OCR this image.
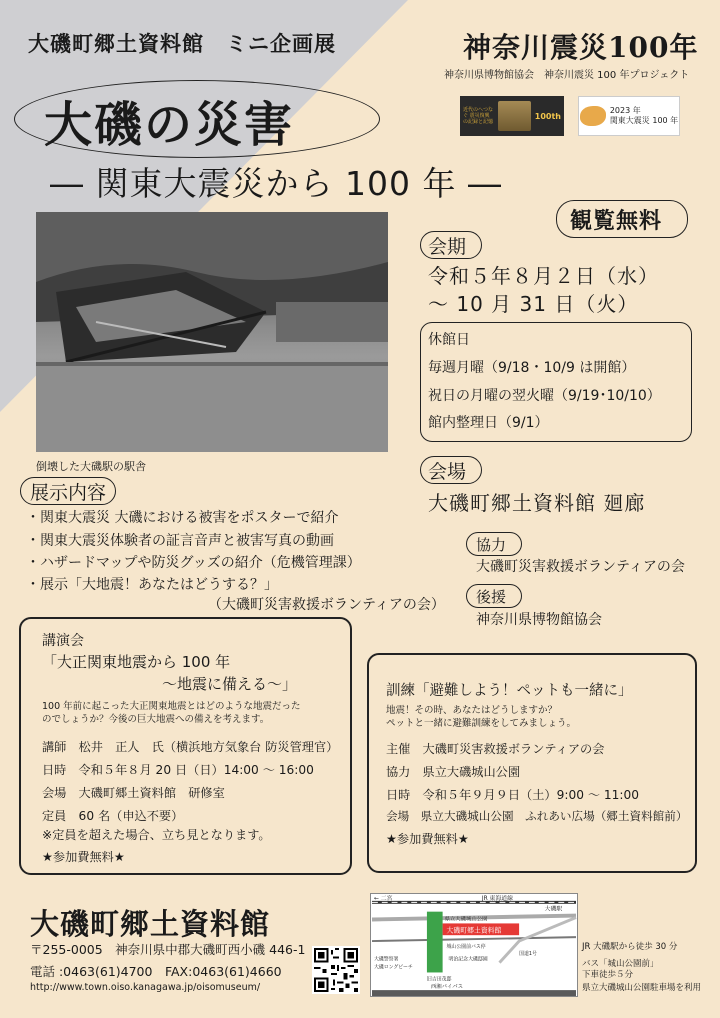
大磯町郷土資料館　ミニ企画展
大磯の災害
― 関東大震災から 100 年 ―
神奈川震災100年
神奈川県博物館協会　神奈川震災 100 年プロジェクト
近代のへつなぐ 震災復興の記録と記憶
100th
2023 年
関東大震災 100 年
倒壊した大磯駅の駅舎
観覧無料
会期
令和５年８月２日（水）
～ 10 月 31 日（火）
休館日
毎週月曜（9/18・10/9 は開館）
祝日の月曜の翌火曜（9/19･10/10）
館内整理日（9/1）
会場
大磯町郷土資料館 廻廊
展示内容
・関東大震災 大磯における被害をポスターで紹介
・関東大震災体験者の証言音声と被害写真の動画
・ハザードマップや防災グッズの紹介（危機管理課）
・展示「大地震！あなたはどうする？」
（大磯町災害救援ボランティアの会）
協力
大磯町災害救援ボランティアの会
後援
神奈川県博物館協会
講演会
「大正関東地震から 100 年
～地震に備える～」
100 年前に起こった大正関東地震とはどのような地震だった
のでしょうか？今後の巨大地震への備えを考えます。
講師　松井　正人　氏（横浜地方気象台 防災管理官）
日時　令和５年８月 20 日（日）14:00 ～ 16:00
会場　大磯町郷土資料館　研修室
定員　60 名（申込不要）
※定員を超えた場合、立ち見となります。
★参加費無料★
訓練「避難しよう！ペットも一緒に」
地震！その時、あなたはどうしますか？
ペットと一緒に避難訓練をしてみましょう。
主催　大磯町災害救援ボランティアの会
協力　県立大磯城山公園
日時　令和５年９月９日（土）9:00 ～ 11:00
会場　県立大磯城山公園　ふれあい広場（郷土資料館前）
★参加費無料★
大磯町郷土資料館
〒255-0005　神奈川県中郡大磯町西小磯 446-1
電話 :0463(61)4700　FAX:0463(61)4660
http://www.town.oiso.kanagawa.jp/oisomuseum/
大磯町郷土資料館
← 二宮	JR 東海道線
大磯駅
県立大磯城山公園
城山公園前バス停
西湘バイパス
大磯警察署
大磯ロングビーチ
明治記念大磯邸園
旧吉田茂邸
国道1号
JR 大磯駅から徒歩 30 分
バス「城山公園前」
下車徒歩５分
県立大磯城山公園駐車場を利用
